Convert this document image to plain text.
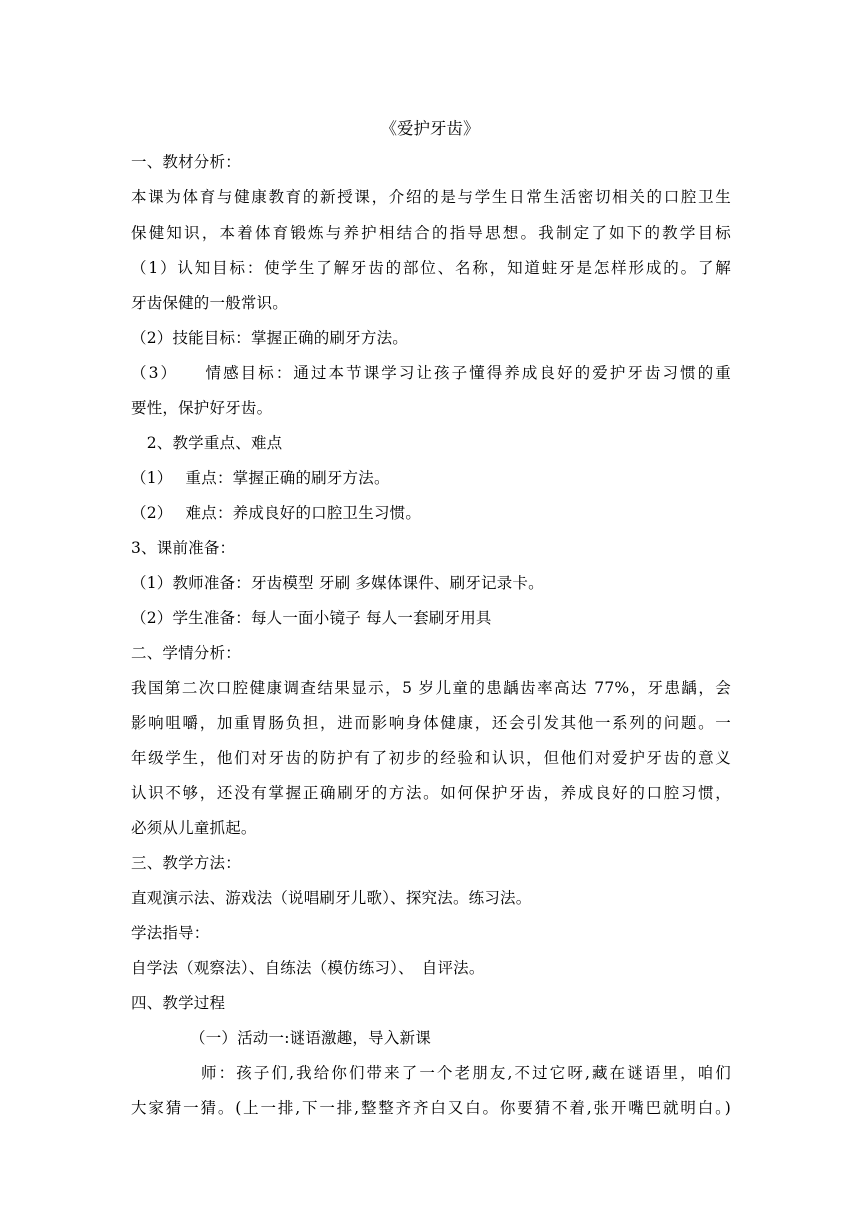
《爱护牙齿》
一、教材分析：
本课为体育与健康教育的新授课，介绍的是与学生日常生活密切相关的口腔卫生
保健知识，本着体育锻炼与养护相结合的指导思想。我制定了如下的教学目标
（1）认知目标：使学生了解牙齿的部位、名称，知道蛀牙是怎样形成的。了解
牙齿保健的一般常识。
（2）技能目标：掌握正确的刷牙方法。
（3）　　情感目标：通过本节课学习让孩子懂得养成良好的爱护牙齿习惯的重
要性，保护好牙齿。
　2、教学重点、难点
（1）　 重点：掌握正确的刷牙方法。
（2）　 难点：养成良好的口腔卫生习惯。
3、课前准备：
（1）教师准备：牙齿模型 牙刷 多媒体课件、刷牙记录卡。
（2）学生准备：每人一面小镜子 每人一套刷牙用具
二、学情分析：
我国第二次口腔健康调查结果显示，5 岁儿童的患龋齿率高达 77%，牙患龋，会
影响咀嚼，加重胃肠负担，进而影响身体健康，还会引发其他一系列的问题。一
年级学生，他们对牙齿的防护有了初步的经验和认识，但他们对爱护牙齿的意义
认识不够，还没有掌握正确刷牙的方法。如何保护牙齿，养成良好的口腔习惯，
必须从儿童抓起。
三、教学方法：
直观演示法、游戏法（说唱刷牙儿歌）、探究法。练习法。
学法指导：
自学法（观察法）、自练法（模仿练习）、　自评法。
四、教学过程
（一）活动一:谜语激趣，导入新课
师：孩子们,我给你们带来了一个老朋友,不过它呀,藏在谜语里，咱们
大家猜一猜。(上一排,下一排,整整齐齐白又白。你要猜不着,张开嘴巴就明白。)
